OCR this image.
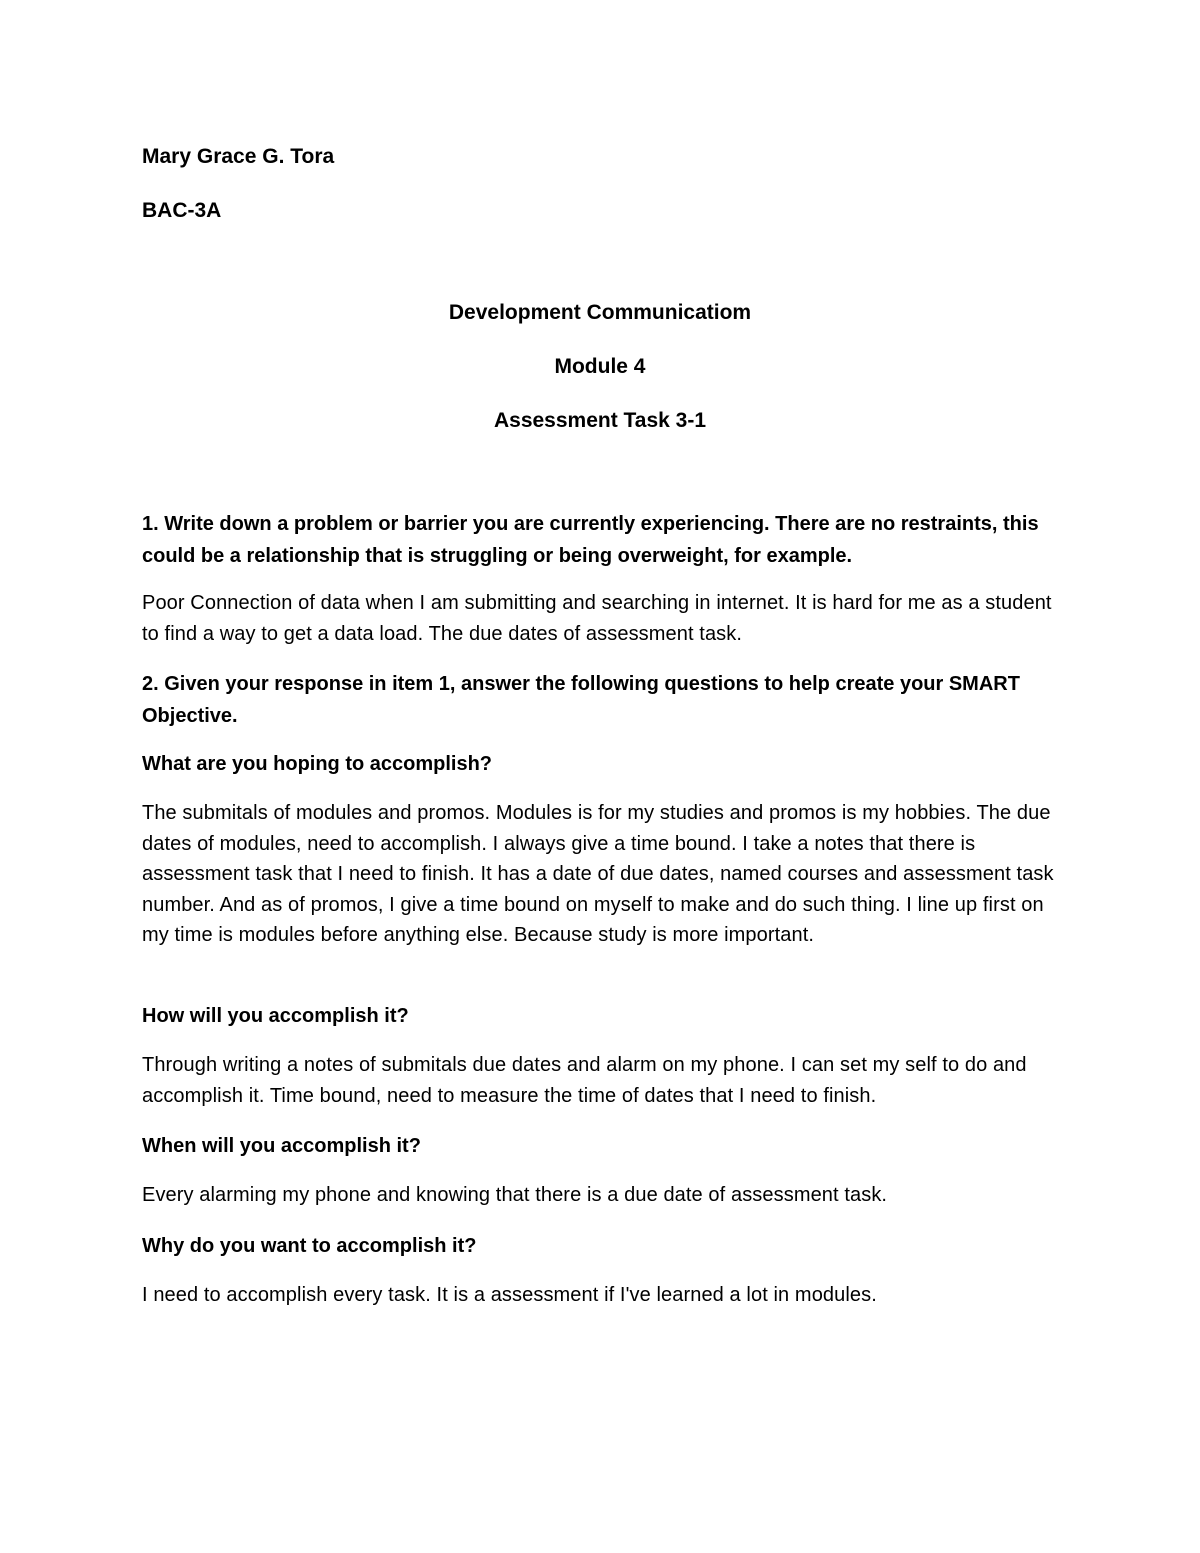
Mary Grace G. Tora
BAC-3A
Development Communicatiom
Module 4
Assessment Task 3-1
1. Write down a problem or barrier you are currently experiencing. There are no restraints, this could be a relationship that is struggling or being overweight, for example.
Poor Connection of data when I am submitting and searching in internet. It is hard for me as a student to find a way to get a data load. The due dates of assessment task.
2. Given your response in item 1, answer the following questions to help create your SMART Objective.
What are you hoping to accomplish?
The submitals of modules and promos. Modules is for my studies and promos is my hobbies. The due dates of modules, need to accomplish. I always give a time bound. I take a notes that there is assessment task that I need to finish. It has a date of due dates, named courses and assessment task number. And as of promos, I give a time bound on myself to make and do such thing. I line up first on my time is modules before anything else. Because study is more important.
How will you accomplish it?
Through writing a notes of submitals due dates and alarm on my phone. I can set my self to do and accomplish it. Time bound, need to measure the time of dates that I need to finish.
When will you accomplish it?
Every alarming my phone and knowing that there is a due date of assessment task.
Why do you want to accomplish it?
I need to accomplish every task. It is a assessment if I've learned a lot in modules.
